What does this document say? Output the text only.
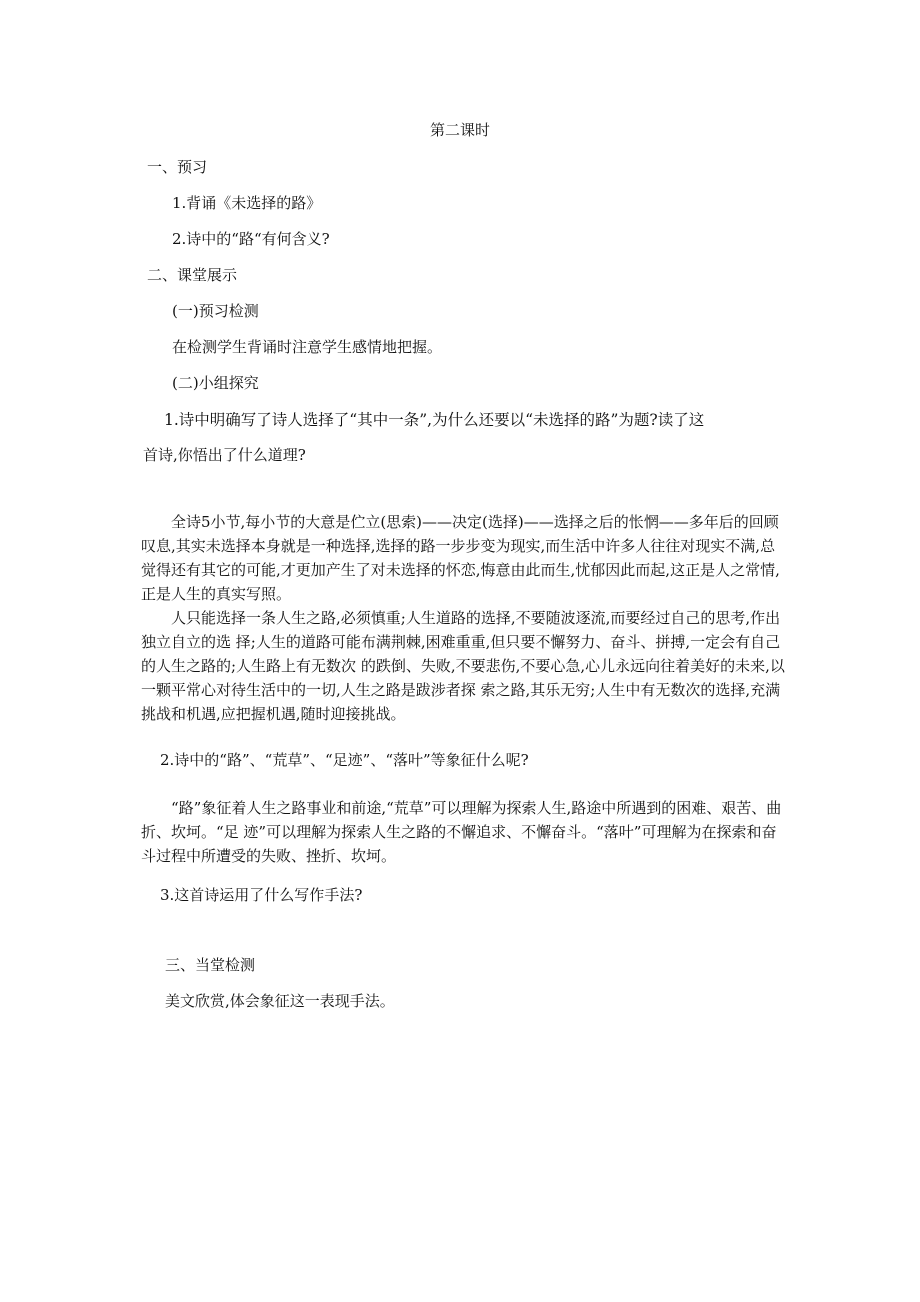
第二课时
一、预习
1.背诵《未选择的路》
2.诗中的“路“有何含义?
二、课堂展示
(一)预习检测
在检测学生背诵时注意学生感情地把握。
(二)小组探究
1.诗中明确写了诗人选择了“其中一条”,为什么还要以“未选择的路”为题?读了这
首诗,你悟出了什么道理?
全诗5小节,每小节的大意是伫立(思索)——决定(选择)——选择之后的怅惘——多年后的回顾叹息,其实未选择本身就是一种选择,选择的路一步步变为现实,而生活中许多人往往对现实不满,总觉得还有其它的可能,才更加产生了对未选择的怀恋,悔意由此而生,忧郁因此而起,这正是人之常情,正是人生的真实写照。
人只能选择一条人生之路,必须慎重;人生道路的选择,不要随波逐流,而要经过自己的思考,作出独立自立的选 择;人生的道路可能布满荆棘,困难重重,但只要不懈努力、奋斗、拼搏,一定会有自己的人生之路的;人生路上有无数次 的跌倒、失败,不要悲伤,不要心急,心儿永远向往着美好的未来,以一颗平常心对待生活中的一切,人生之路是跋涉者探 索之路,其乐无穷;人生中有无数次的选择,充满挑战和机遇,应把握机遇,随时迎接挑战。
2.诗中的“路”、“荒草”、“足迹”、“落叶”等象征什么呢?
“路”象征着人生之路事业和前途,“荒草”可以理解为探索人生,路途中所遇到的困难、艰苦、曲折、坎坷。“足 迹”可以理解为探索人生之路的不懈追求、不懈奋斗。“落叶”可理解为在探索和奋斗过程中所遭受的失败、挫折、坎坷。
3.这首诗运用了什么写作手法?
三、当堂检测
美文欣赏,体会象征这一表现手法。
